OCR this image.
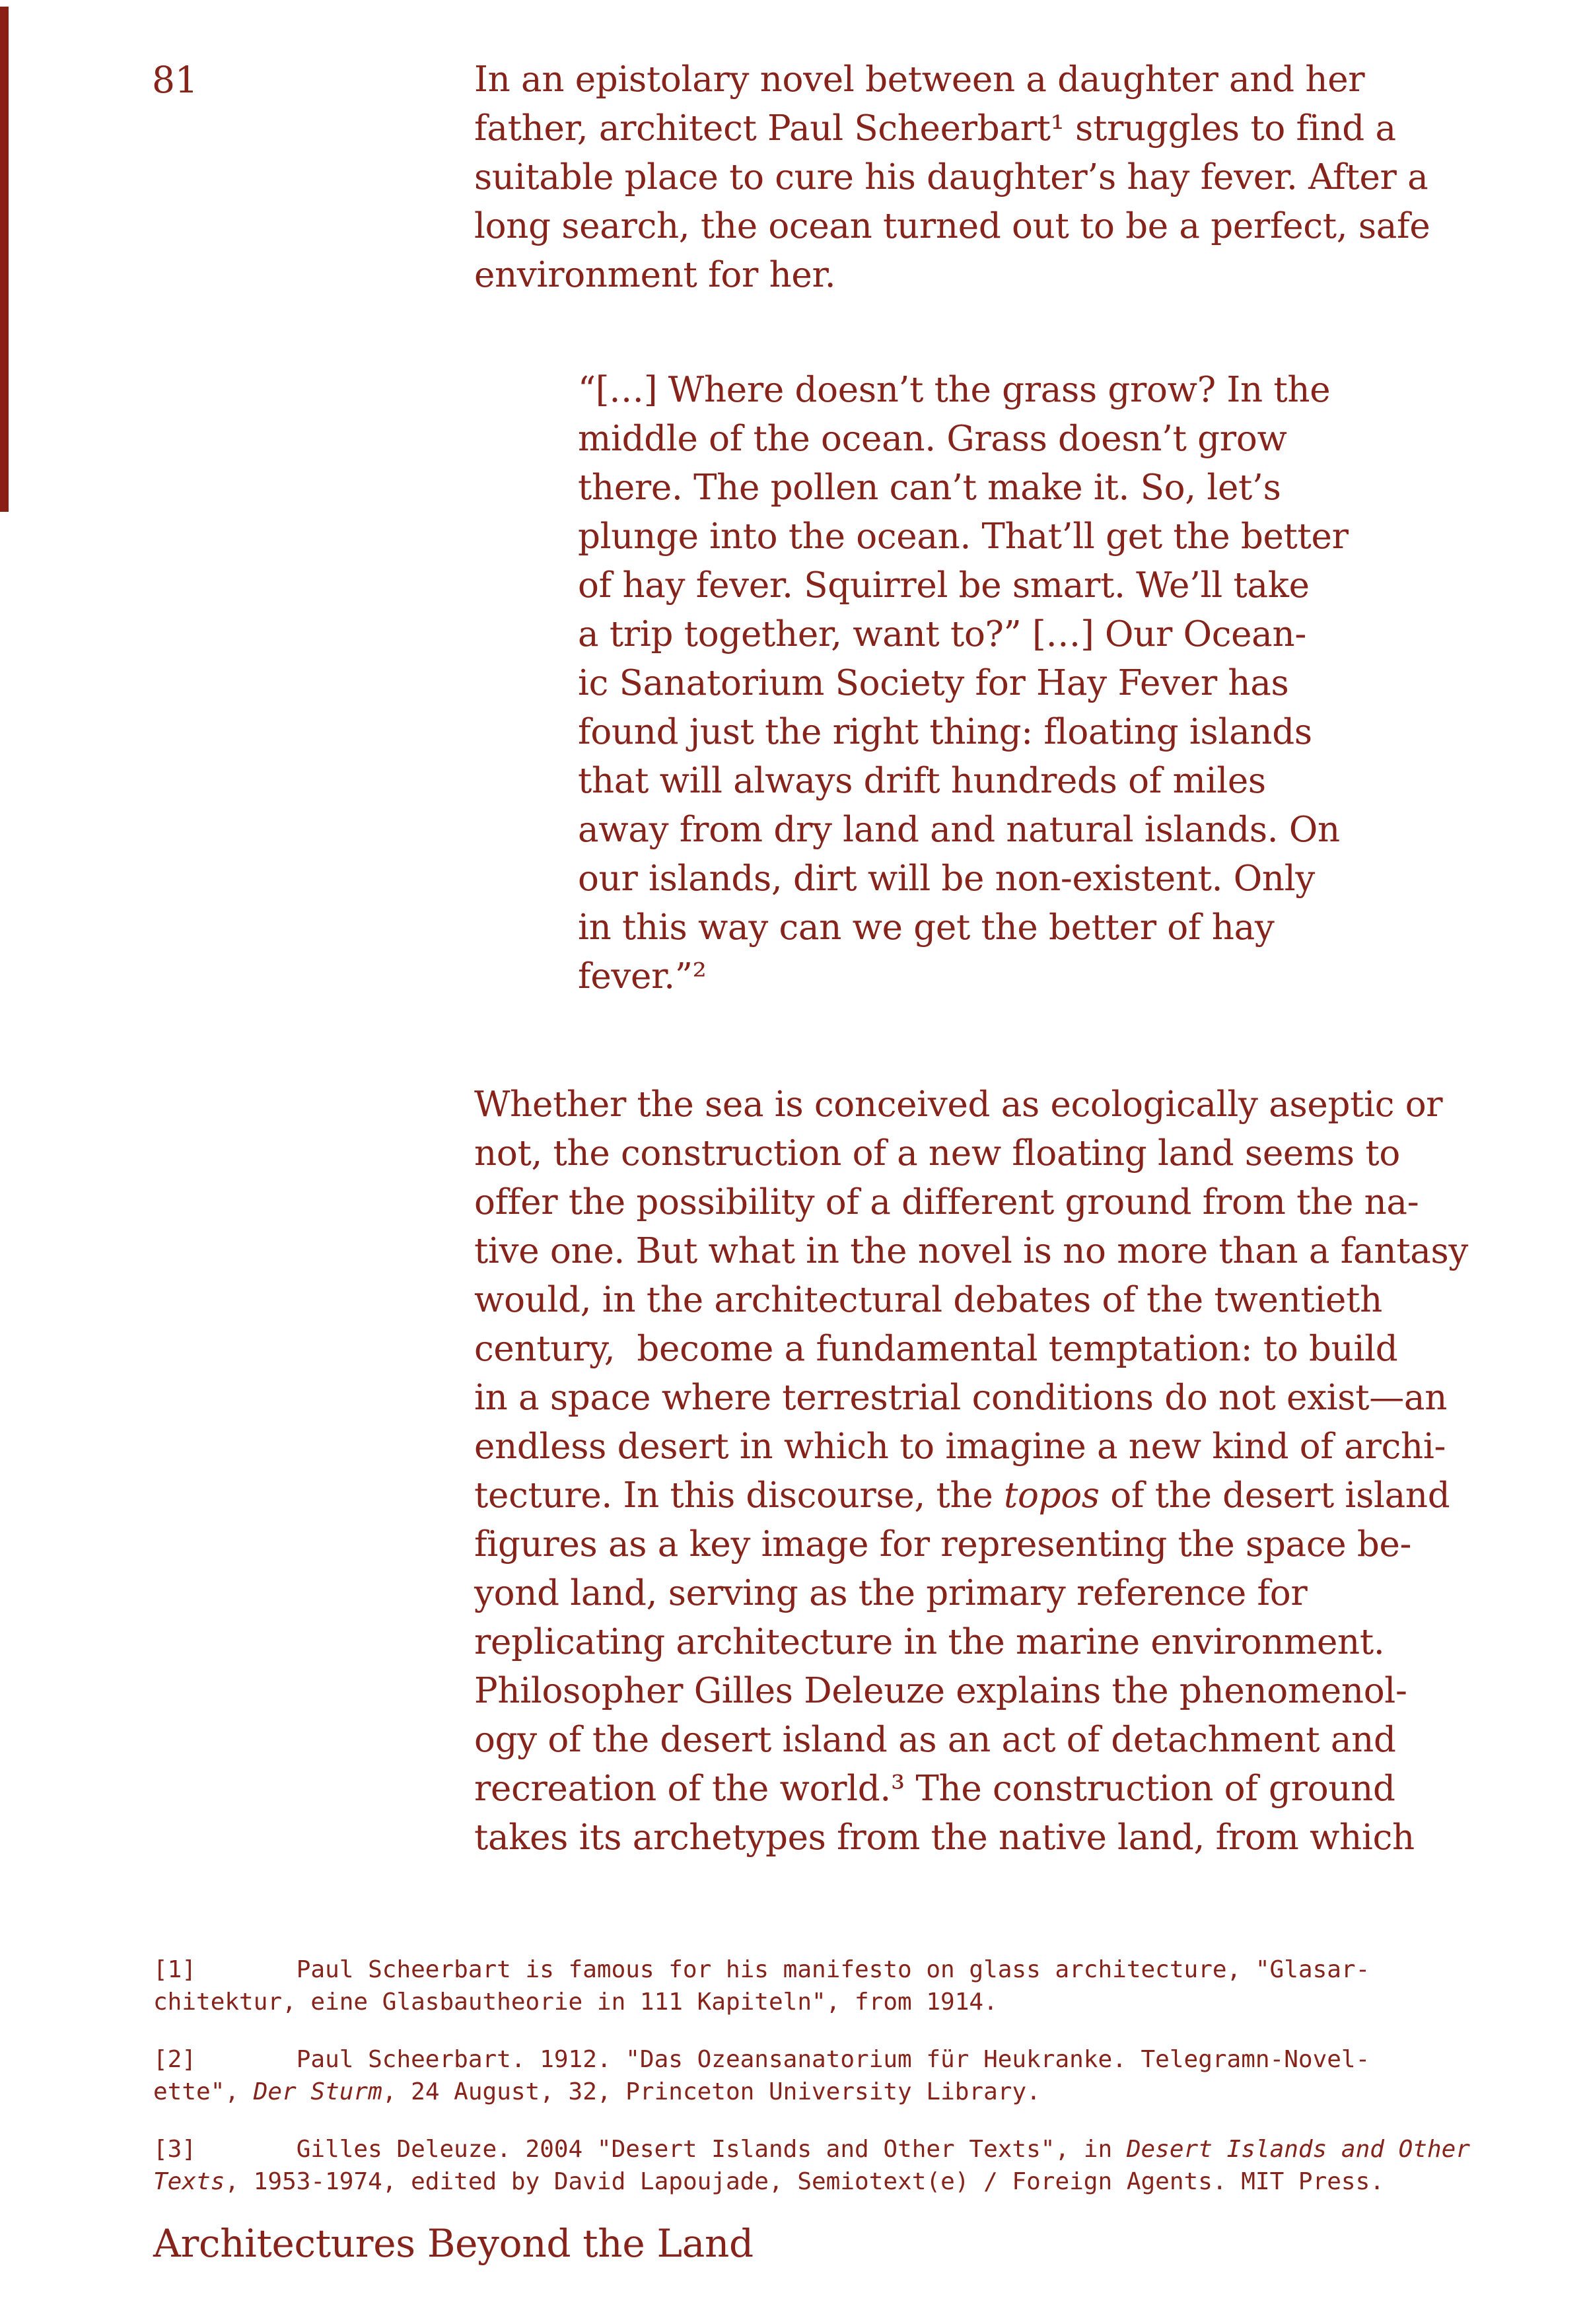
81	In an epistolary novel between a daughter and her
father, architect Paul Scheerbart¹ struggles to find a
suitable place to cure his daughter’s hay fever. After a
long search, the ocean turned out to be a perfect, safe
environment for her.
“[…] Where doesn’t the grass grow? In the
middle of the ocean. Grass doesn’t grow
there. The pollen can’t make it. So, let’s
plunge into the ocean. That’ll get the better
of hay fever. Squirrel be smart. We’ll take
a trip together, want to?” […] Our Ocean-
ic Sanatorium Society for Hay Fever has
found just the right thing: floating islands
that will always drift hundreds of miles
away from dry land and natural islands. On
our islands, dirt will be non-existent. Only
in this way can we get the better of hay
fever.”²
Whether the sea is conceived as ecologically aseptic or
not, the construction of a new floating land seems to
offer the possibility of a different ground from the na-
tive one. But what in the novel is no more than a fantasy
would, in the architectural debates of the twentieth
century,  become a fundamental temptation: to build
in a space where terrestrial conditions do not exist—an
endless desert in which to imagine a new kind of archi-
tecture. In this discourse, the topos of the desert island
figures as a key image for representing the space be-
yond land, serving as the primary reference for
replicating architecture in the marine environment.
Philosopher Gilles Deleuze explains the phenomenol-
ogy of the desert island as an act of detachment and
recreation of the world.³ The construction of ground
takes its archetypes from the native land, from which
[1]       Paul Scheerbart is famous for his manifesto on glass architecture, "Glasar-
chitektur, eine Glasbautheorie in 111 Kapiteln", from 1914.
[2]       Paul Scheerbart. 1912. "Das Ozeansanatorium für Heukranke. Telegramn-Novel-
ette", Der Sturm, 24 August, 32, Princeton University Library.
[3]       Gilles Deleuze. 2004 "Desert Islands and Other Texts", in Desert Islands and Other
Texts, 1953-1974, edited by David Lapoujade, Semiotext(e) / Foreign Agents. MIT Press.
Architectures Beyond the Land
